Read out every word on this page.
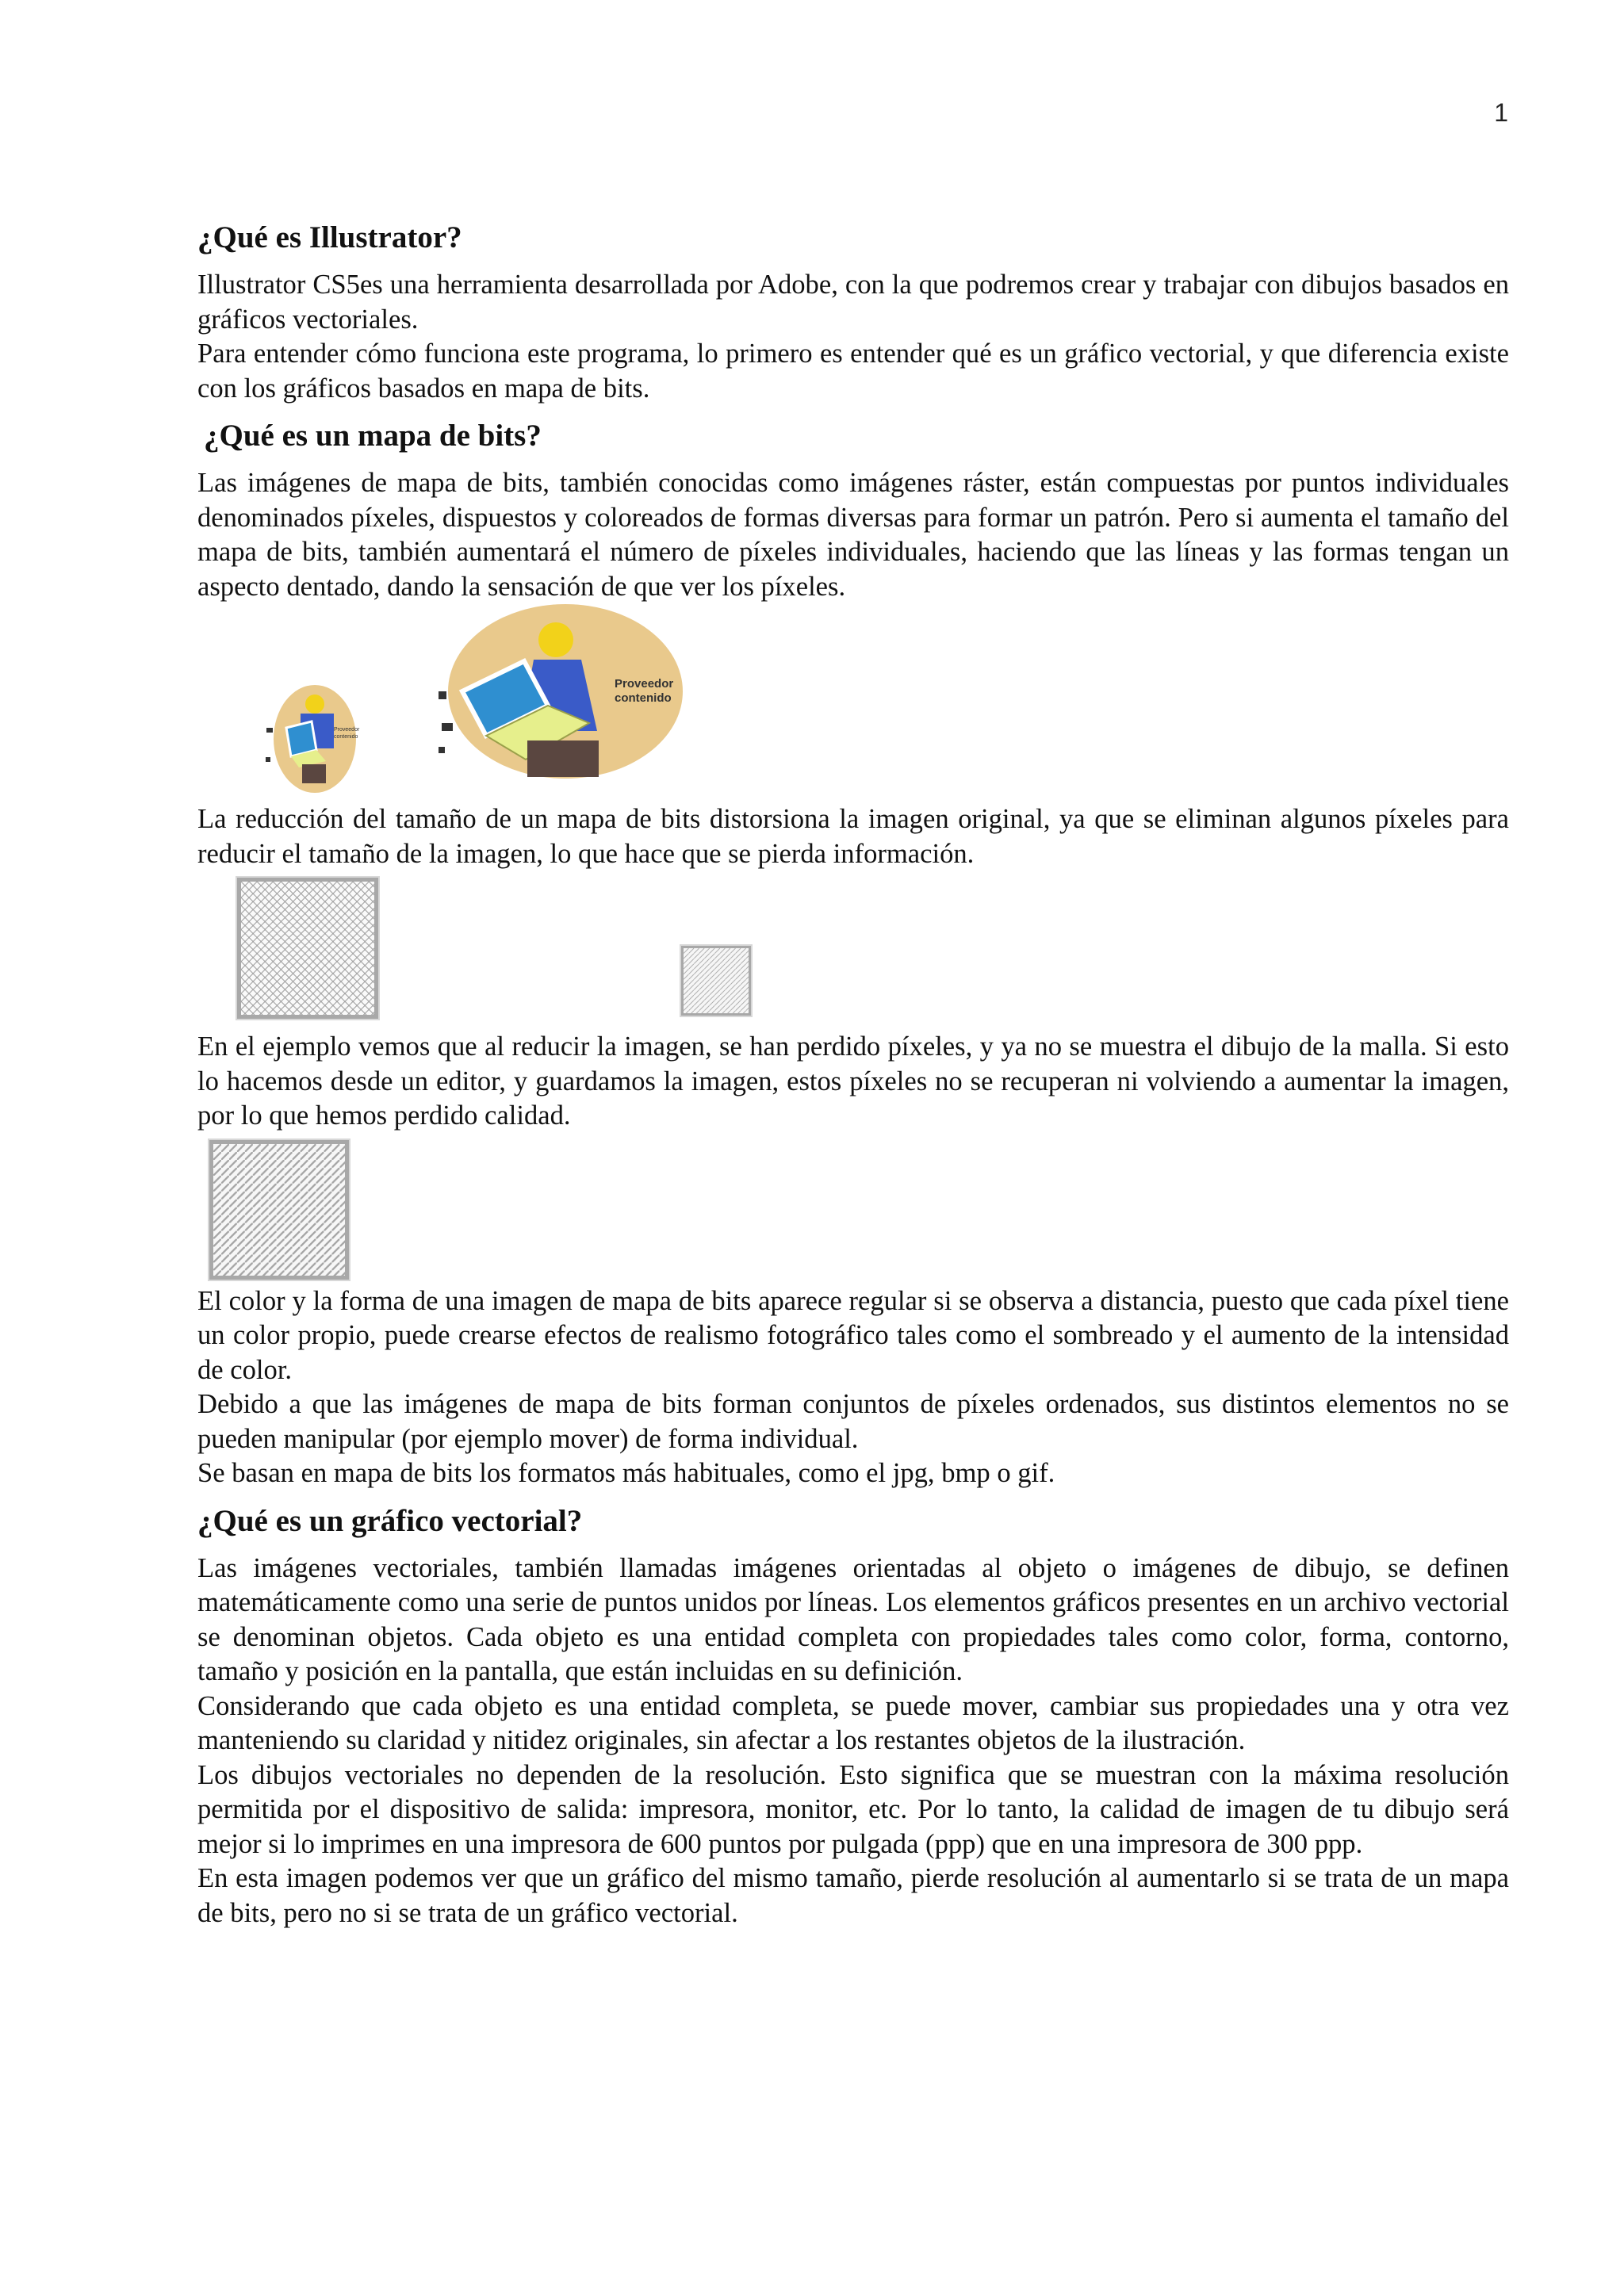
1
¿Qué es Illustrator?

Illustrator CS5es una herramienta desarrollada por Adobe, con la que podremos crear y trabajar con dibujos basados en gráficos vectoriales.

Para entender cómo funciona este programa, lo primero es entender qué es un gráfico vectorial, y que diferencia existe con los gráficos basados en mapa de bits.

¿Qué es un mapa de bits?

Las imágenes de mapa de bits, también conocidas como imágenes ráster, están compuestas por puntos individuales denominados píxeles, dispuestos y coloreados de formas diversas para formar un patrón. Pero si aumenta el tamaño del mapa de bits, también aumentará el número de píxeles individuales, haciendo que las líneas y las formas tengan un aspecto dentado, dando la sensación de que ver los píxeles.

Proveedor
contenido
Proveedor
contenido

La reducción del tamaño de un mapa de bits distorsiona la imagen original, ya que se eliminan algunos píxeles para reducir el tamaño de la imagen, lo que hace que se pierda información.

En el ejemplo vemos que al reducir la imagen, se han perdido píxeles, y ya no se muestra el dibujo de la malla. Si esto lo hacemos desde un editor, y guardamos la imagen, estos píxeles no se recuperan ni volviendo a aumentar la imagen, por lo que hemos perdido calidad.

El color y la forma de una imagen de mapa de bits aparece regular si se observa a distancia, puesto que cada píxel tiene un color propio, puede crearse efectos de realismo fotográfico tales como el sombreado y el aumento de la intensidad de color.

Debido a que las imágenes de mapa de bits forman conjuntos de píxeles ordenados, sus distintos elementos no se pueden manipular (por ejemplo mover) de forma individual.

Se basan en mapa de bits los formatos más habituales, como el jpg, bmp o gif.

¿Qué es un gráfico vectorial?

Las imágenes vectoriales, también llamadas imágenes orientadas al objeto o imágenes de dibujo, se definen matemáticamente como una serie de puntos unidos por líneas. Los elementos gráficos presentes en un archivo vectorial se denominan objetos. Cada objeto es una entidad completa con propiedades tales como color, forma, contorno, tamaño y posición en la pantalla, que están incluidas en su definición.

Considerando que cada objeto es una entidad completa, se puede mover, cambiar sus propiedades una y otra vez manteniendo su claridad y nitidez originales, sin afectar a los restantes objetos de la ilustración.

Los dibujos vectoriales no dependen de la resolución. Esto significa que se muestran con la máxima resolución permitida por el dispositivo de salida: impresora, monitor, etc. Por lo tanto, la calidad de imagen de tu dibujo será mejor si lo imprimes en una impresora de 600 puntos por pulgada (ppp) que en una impresora de 300 ppp.

En esta imagen podemos ver que un gráfico del mismo tamaño, pierde resolución al aumentarlo si se trata de un mapa de bits, pero no si se trata de un gráfico vectorial.
